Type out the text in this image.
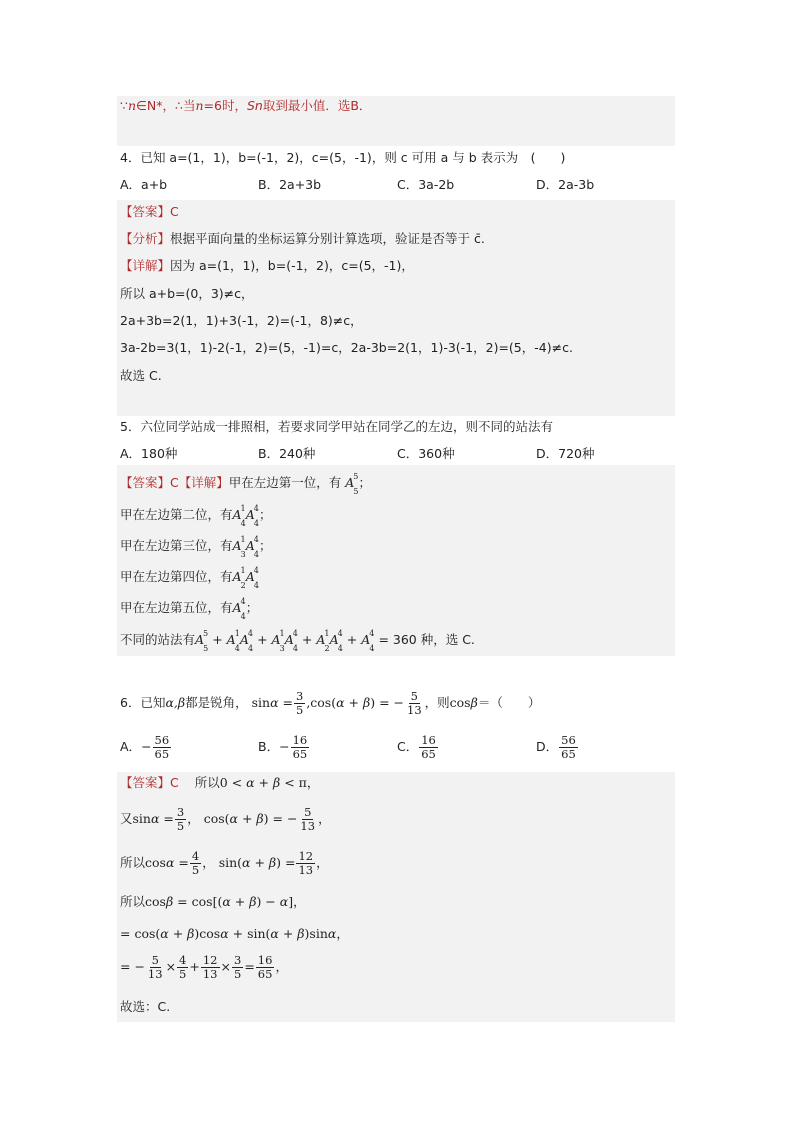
∵n∈N*，∴当n=6时，Sn取到最小值．选B．
4．已知 a=(1，1)，b=(-1，2)，c=(5，-1)，则 c 可用 a 与 b 表示为　(　　)
A．a+b	B．2a+3b	C．3a-2b	D．2a-3b
【答案】C
【分析】根据平面向量的坐标运算分别计算选项，验证是否等于 c̄.
【详解】因为 a=(1，1)，b=(-1，2)，c=(5，-1)，
所以 a+b=(0，3)≠c，
2a+3b=2(1，1)+3(-1，2)=(-1，8)≠c，
3a-2b=3(1，1)-2(-1，2)=(5，-1)=c，2a-3b=2(1，1)-3(-1，2)=(5，-4)≠c.
故选 C.
5．六位同学站成一排照相，若要求同学甲站在同学乙的左边，则不同的站法有
A．180种	B．240种	C．360种	D．720种
【答案】C【详解】甲在左边第一位，有 $A^5_5$；
甲在左边第二位，有$A^1_4A^4_4$；
甲在左边第三位，有$A^1_3A^4_4$；
甲在左边第四位，有$A^1_2A^4_4$
甲在左边第五位，有$A^4_4$；
不同的站法有$A^5_5 + A^1_4A^4_4 + A^1_3A^4_4 + A^1_2A^4_4 + A^4_4 = 360$ 种，选 C.
6．已知α,β都是锐角， $\sin\alpha = \frac{3}{5} ,\cos(\alpha + \beta)$ = − $\frac{5}{13}$ ，则cosβ＝（　　）
A．− $\frac{56}{65}$	B．− $\frac{16}{65}$	C． $\frac{16}{65}$	D． $\frac{56}{65}$
【答案】C 所以0 < α + β < π，
又$\sin\alpha = \frac{3}{5}$ ， cos(α + β) = − $\frac{5}{13}$ ，
所以$\cos\alpha = \frac{4}{5}$ ， $\sin(\alpha + \beta) = \frac{12}{13}$ ，
所以cosβ = cos[(α + β) − α]，
= cos(α + β)cosα + sin(α + β)sinα，
= − $\frac{5}{13} \times \frac{4}{5} + \frac{12}{13} \times \frac{3}{5} = \frac{16}{65}$ ，
故选：C.
